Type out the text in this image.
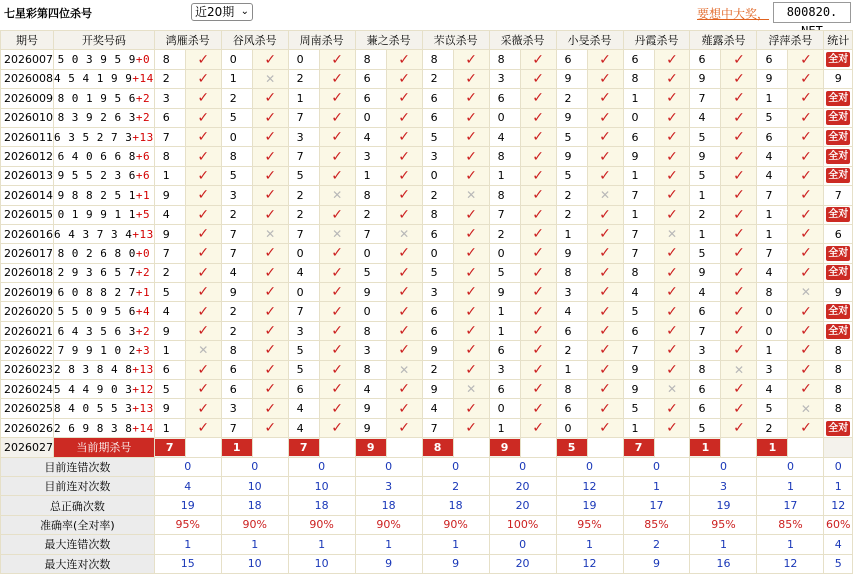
七星彩第四位杀号	近20期 ⌄	要想中大奖，	800820.
期号	开奖号码	鸿雁杀号		谷风杀号		周南杀号		蒹之杀号		芣苡杀号		采薇杀号		小旻杀号		丹霞杀号		薤露杀号		浮萍杀号		统计
2026007	5 0 3 9 5 9+0	8	✓	0	✓	0	✓	8	✓	8	✓	8	✓	6	✓	6	✓	6	✓	6	✓	全对
2026008	4 5 4 1 9 9+14	2	✓	1	✕	2	✓	6	✓	2	✓	3	✓	9	✓	8	✓	9	✓	9	✓	9
2026009	8 0 1 9 5 6+2	3	✓	2	✓	1	✓	6	✓	6	✓	6	✓	2	✓	1	✓	7	✓	1	✓	全对
2026010	8 3 9 2 6 3+2	6	✓	5	✓	7	✓	0	✓	6	✓	0	✓	9	✓	0	✓	4	✓	5	✓	全对
2026011	6 3 5 2 7 3+13	7	✓	0	✓	3	✓	4	✓	5	✓	4	✓	5	✓	6	✓	5	✓	6	✓	全对
2026012	6 4 0 6 6 8+6	8	✓	8	✓	7	✓	3	✓	3	✓	8	✓	9	✓	9	✓	9	✓	4	✓	全对
2026013	9 5 5 2 3 6+6	1	✓	5	✓	5	✓	1	✓	0	✓	1	✓	5	✓	1	✓	5	✓	4	✓	全对
2026014	9 8 8 2 5 1+1	9	✓	3	✓	2	✕	8	✓	2	✕	8	✓	2	✕	7	✓	1	✓	7	✓	7
2026015	0 1 9 9 1 1+5	4	✓	2	✓	2	✓	2	✓	8	✓	7	✓	2	✓	1	✓	2	✓	1	✓	全对
2026016	6 4 3 7 3 4+13	9	✓	7	✕	7	✕	7	✕	6	✓	2	✓	1	✓	7	✕	1	✓	1	✓	6
2026017	8 0 2 6 8 0+0	7	✓	7	✓	0	✓	0	✓	0	✓	0	✓	9	✓	7	✓	5	✓	7	✓	全对
2026018	2 9 3 6 5 7+2	2	✓	4	✓	4	✓	5	✓	5	✓	5	✓	8	✓	8	✓	9	✓	4	✓	全对
2026019	6 0 8 8 2 7+1	5	✓	9	✓	0	✓	9	✓	3	✓	9	✓	3	✓	4	✓	4	✓	8	✕	9
2026020	5 5 0 9 5 6+4	4	✓	2	✓	7	✓	0	✓	6	✓	1	✓	4	✓	5	✓	6	✓	0	✓	全对
2026021	6 4 3 5 6 3+2	9	✓	2	✓	3	✓	8	✓	6	✓	1	✓	6	✓	6	✓	7	✓	0	✓	全对
2026022	7 9 9 1 0 2+3	1	✕	8	✓	5	✓	3	✓	9	✓	6	✓	2	✓	7	✓	3	✓	1	✓	8
2026023	2 8 3 8 4 8+13	6	✓	6	✓	5	✓	8	✕	2	✓	3	✓	1	✓	9	✓	8	✕	3	✓	8
2026024	5 4 4 9 0 3+12	5	✓	6	✓	6	✓	4	✓	9	✕	6	✓	8	✓	9	✕	6	✓	4	✓	8
2026025	8 4 0 5 5 3+13	9	✓	3	✓	4	✓	9	✓	4	✓	0	✓	6	✓	5	✓	6	✓	5	✕	8
2026026	2 6 9 8 3 8+14	1	✓	7	✓	4	✓	9	✓	7	✓	1	✓	0	✓	1	✓	5	✓	2	✓	全对
2026027	当前期杀号	7		1		7		9		8		9		5		7		1		1		
目前连错次数		0		0		0		0		0		0		0		0		0		0		0
目前连对次数		4		10		10		3		2		20		12		1		3		1		1
总正确次数		19		18		18		18		18		20		19		17		19		17		12
准确率(全对率)		95%		90%		90%		90%		90%		100%		95%		85%		95%		85%		60%
最大连错次数		1		1		1		1		1		0		1		2		1		1		4
最大连对次数		15		10		10		9		9		20		12		9		16		12		5
